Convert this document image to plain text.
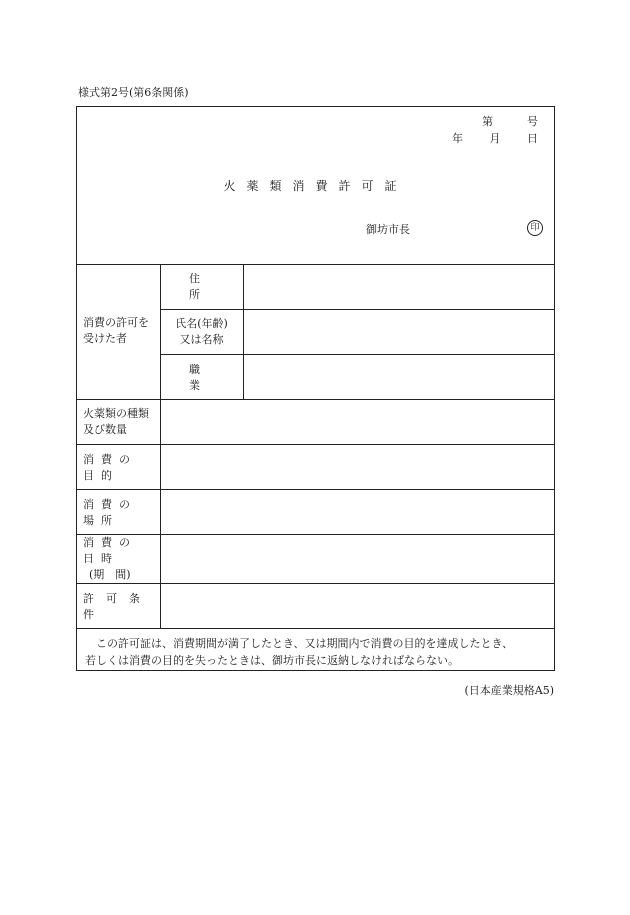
様式第2号(第6条関係)
第	号
年 月 日
火薬類消費許可証
御坊市長	印
消費の許可を
受けた者	住　所	

	氏名(年齢)
又は名称	

	職　業	

火薬類の種類
及び数量		

消費の目的		
消費の場所		

消費の日時
(期　間)		

許可条件		

この許可証は、消費期間が満了したとき、又は期間内で消費の目的を達成したとき、
若しくは消費の目的を失ったときは、御坊市長に返納しなければならない。		
(日本産業規格A5)
